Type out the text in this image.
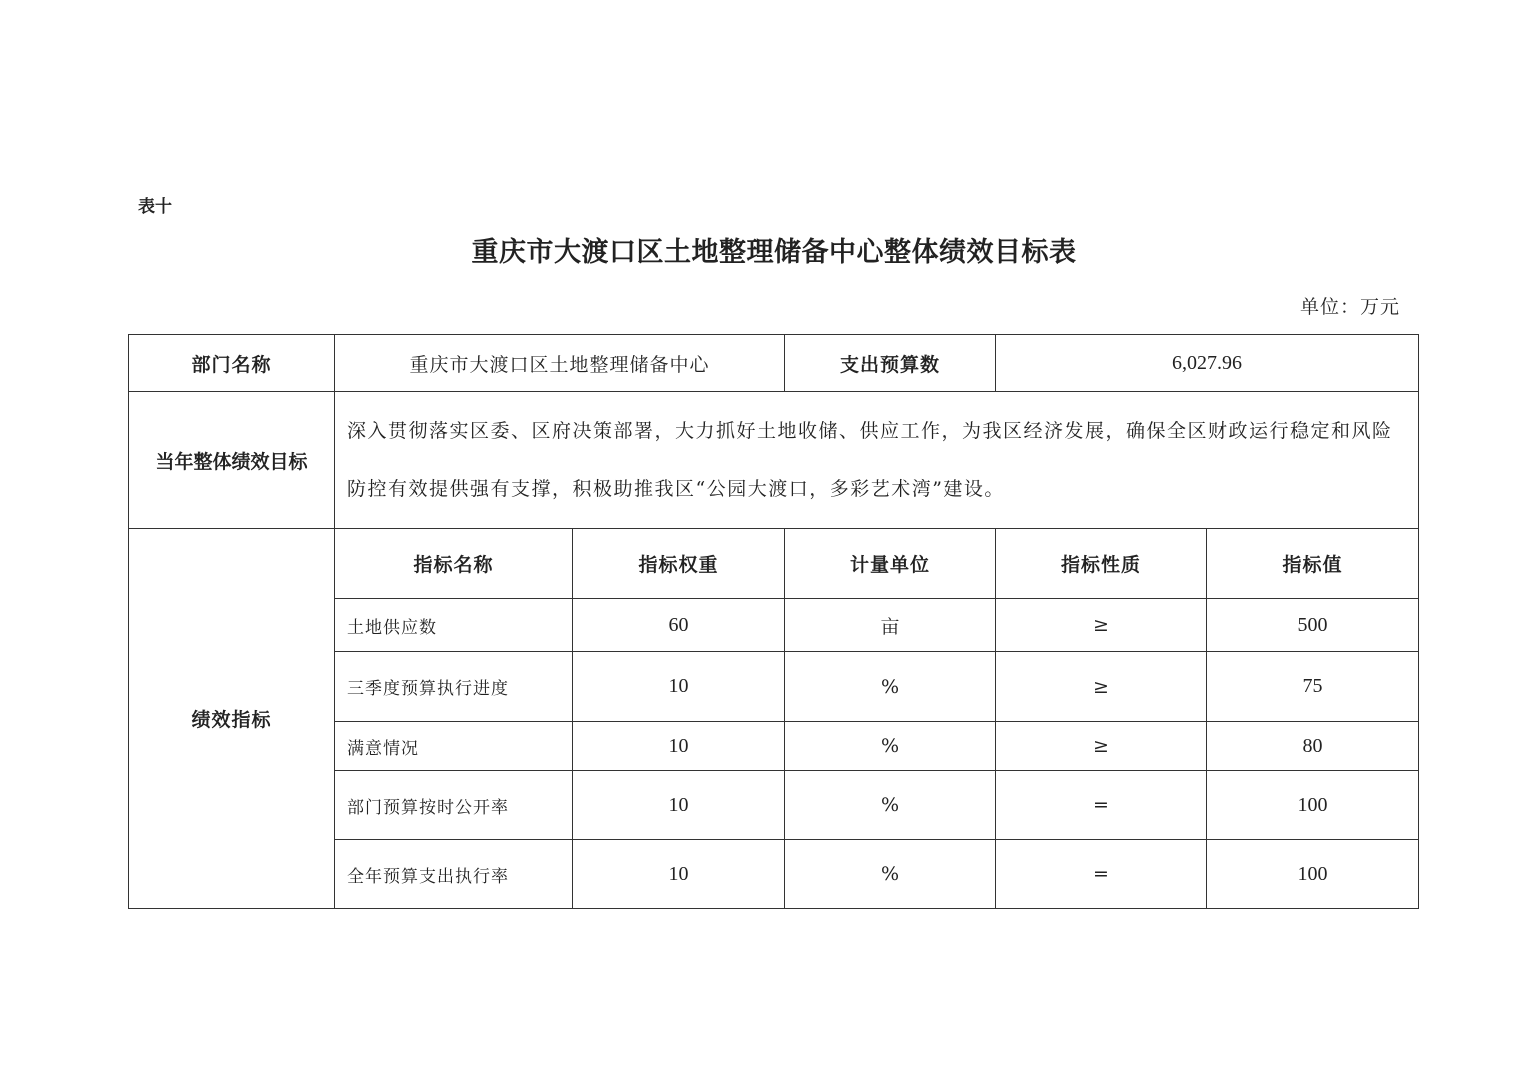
表十
重庆市大渡口区土地整理储备中心整体绩效目标表
单位：万元
部门名称	重庆市大渡口区土地整理储备中心		支出预算数	6,027.96	
当年整体绩效目标	深入贯彻落实区委、区府决策部署，大力抓好土地收储、供应工作，为我区经济发展，确保全区财政运行稳定和风险防控有效提供强有支撑，积极助推我区“公园大渡口，多彩艺术湾”建设。				
绩效指标	指标名称	指标权重	计量单位	指标性质	指标值
	土地供应数	60	亩	≥	500
	三季度预算执行进度	10	%	≥	75
	满意情况	10	%	≥	80
	部门预算按时公开率	10	%	=	100
	全年预算支出执行率	10	%	=	100
